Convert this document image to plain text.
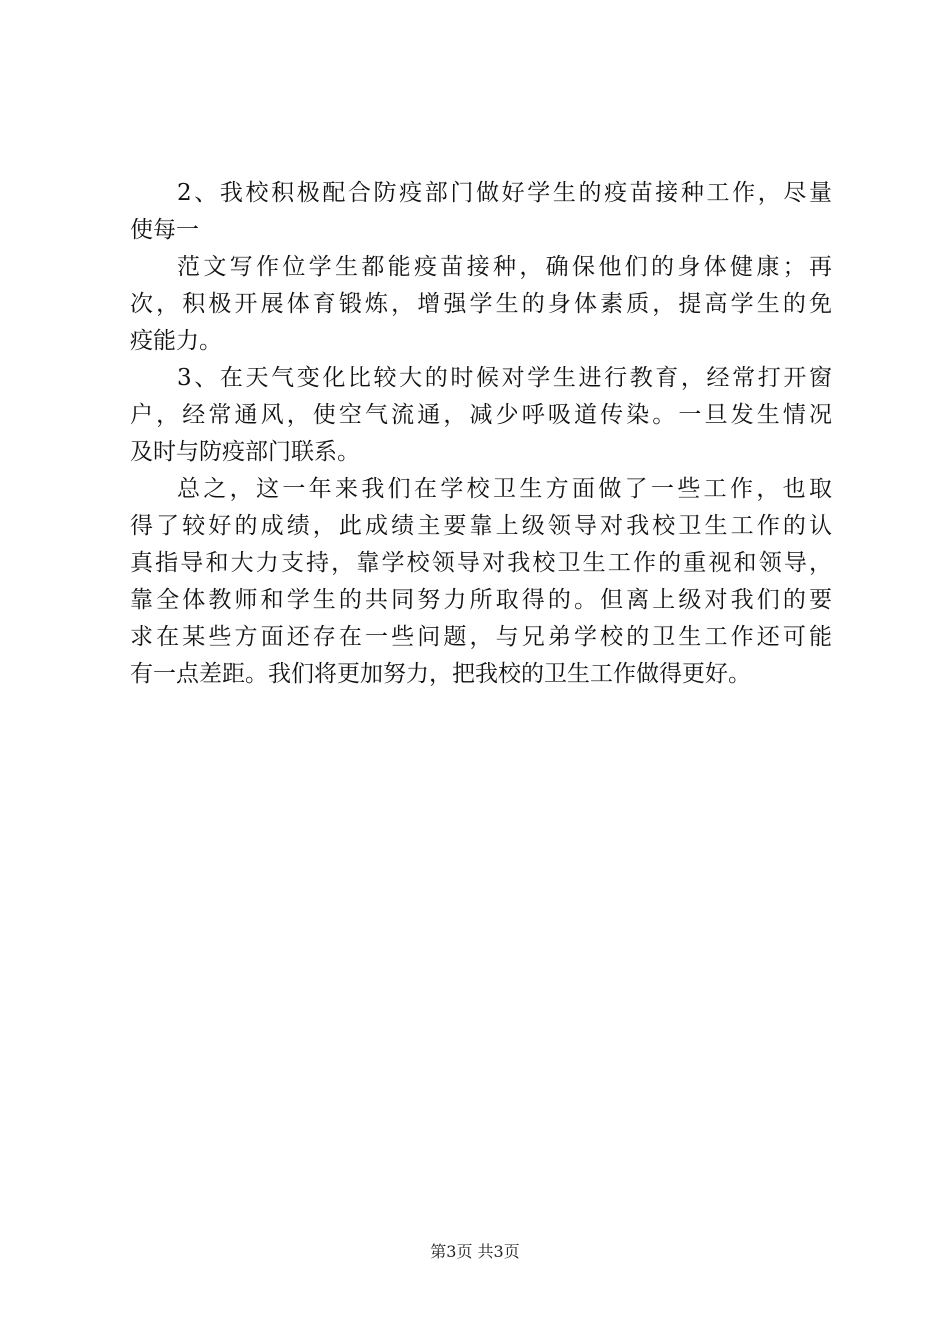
2、我校积极配合防疫部门做好学生的疫苗接种工作，尽量
使每一
范文写作位学生都能疫苗接种，确保他们的身体健康；再
次，积极开展体育锻炼，增强学生的身体素质，提高学生的免
疫能力。
3、在天气变化比较大的时候对学生进行教育，经常打开窗
户，经常通风，使空气流通，减少呼吸道传染。一旦发生情况
及时与防疫部门联系。
总之，这一年来我们在学校卫生方面做了一些工作，也取
得了较好的成绩，此成绩主要靠上级领导对我校卫生工作的认
真指导和大力支持，靠学校领导对我校卫生工作的重视和领导，
靠全体教师和学生的共同努力所取得的。但离上级对我们的要
求在某些方面还存在一些问题，与兄弟学校的卫生工作还可能
有一点差距。我们将更加努力，把我校的卫生工作做得更好。
第3页 共3页
